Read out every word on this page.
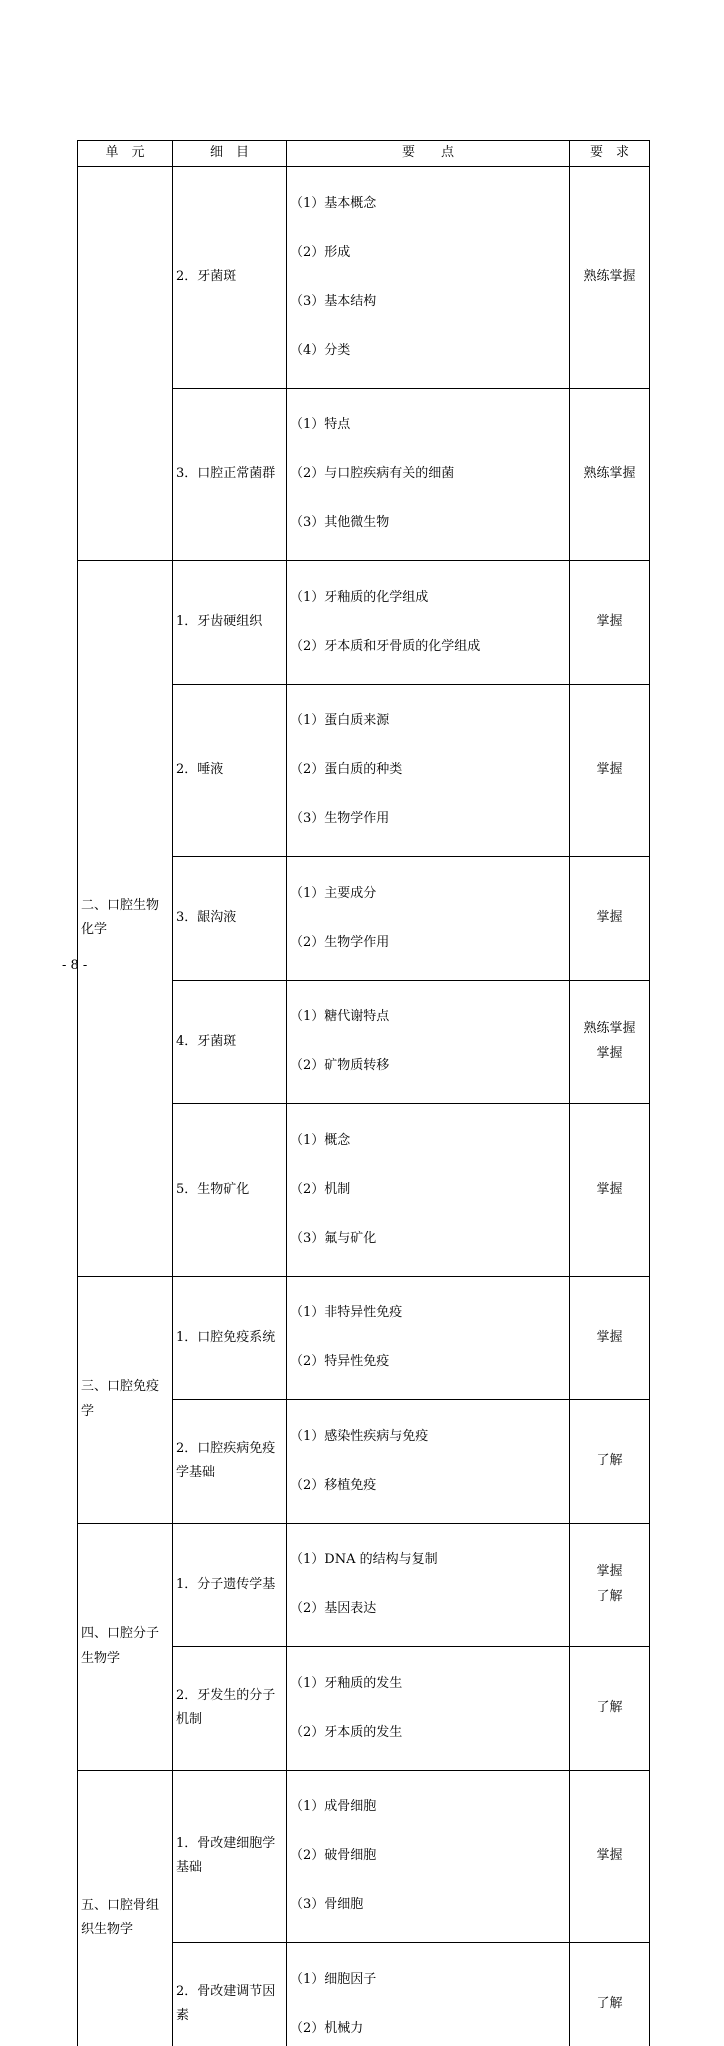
单　元	细　目	要　　点	要　求
	2．牙菌斑	（1）基本概念

（2）形成

（3）基本结构

（4）分类	熟练掌握
	3．口腔正常菌群	（1）特点

（2）与口腔疾病有关的细菌

（3）其他微生物	熟练掌握
二、口腔生物化学	1．牙齿硬组织	（1）牙釉质的化学组成

（2）牙本质和牙骨质的化学组成	掌握
	2．唾液	（1）蛋白质来源

（2）蛋白质的种类

（3）生物学作用	掌握
	3．龈沟液	（1）主要成分

（2）生物学作用	掌握
	4．牙菌斑	（1）糖代谢特点

（2）矿物质转移	熟练掌握
掌握
	5．生物矿化	（1）概念

（2）机制

（3）氟与矿化	掌握
三、口腔免疫学	1．口腔免疫系统	（1）非特异性免疫

（2）特异性免疫	掌握
	2．口腔疾病免疫学基础	（1）感染性疾病与免疫

（2）移植免疫	了解
四、口腔分子生物学	1．分子遗传学基	（1）DNA 的结构与复制

（2）基因表达	掌握
了解
	2．牙发生的分子机制	（1）牙釉质的发生

（2）牙本质的发生	了解
五、口腔骨组织生物学	1．骨改建细胞学基础	（1）成骨细胞

（2）破骨细胞

（3）骨细胞	掌握
	2．骨改建调节因素	（1）细胞因子

（2）机械力	了解
- 8 -
